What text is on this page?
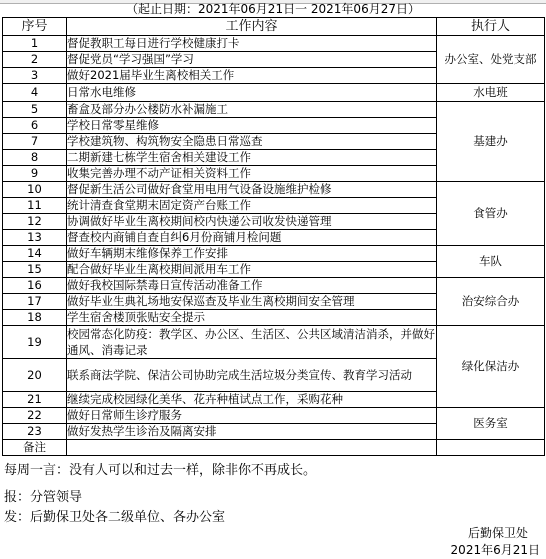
（起止日期：2021年06月21日一 2021年06月27日）
序号	工作内容	执行人
1	督促教职工每日进行学校健康打卡	办公室、处党支部
2	督促党员“学习强国”学习	
3	做好2021届毕业生离校相关工作	
4	日常水电维修	水电班
5	畜盒及部分办公楼防水补漏施工	基建办
6	学校日常零星维修	
7	学校建筑物、构筑物安全隐患日常巡查	
8	二期新建七栋学生宿舍相关建设工作	
9	收集完善办理不动产证相关资料工作	
10	督促新生活公司做好食堂用电用气设备设施维护检修	食管办
11	统计清查食堂期末固定资产台账工作	
12	协调做好毕业生离校期间校内快递公司收发快递管理	
13	督查校内商铺自查自纠6月份商铺月检问题	
14	做好车辆期末维修保养工作安排	车队
15	配合做好毕业生离校期间派用车工作	
16	做好我校国际禁毒日宣传活动准备工作	治安综合办
17	做好毕业生典礼场地安保巡查及毕业生离校期间安全管理	
18	学生宿舍楼顶张贴安全提示	
19	校园常态化防疫：教学区、办公区、生活区、公共区域清洁消杀，并做好通风、消毒记录	绿化保洁办
20	联系商法学院、保洁公司协助完成生活垃圾分类宣传、教育学习活动	
21	继续完成校园绿化美华、花卉种植试点工作，采购花种	
22	做好日常师生诊疗服务	医务室
23	做好发热学生诊治及隔离安排	
备注		
每周一言：没有人可以和过去一样，除非你不再成长。
报：分管领导
发：后勤保卫处各二级单位、各办公室
后勤保卫处
2021年6月21日
